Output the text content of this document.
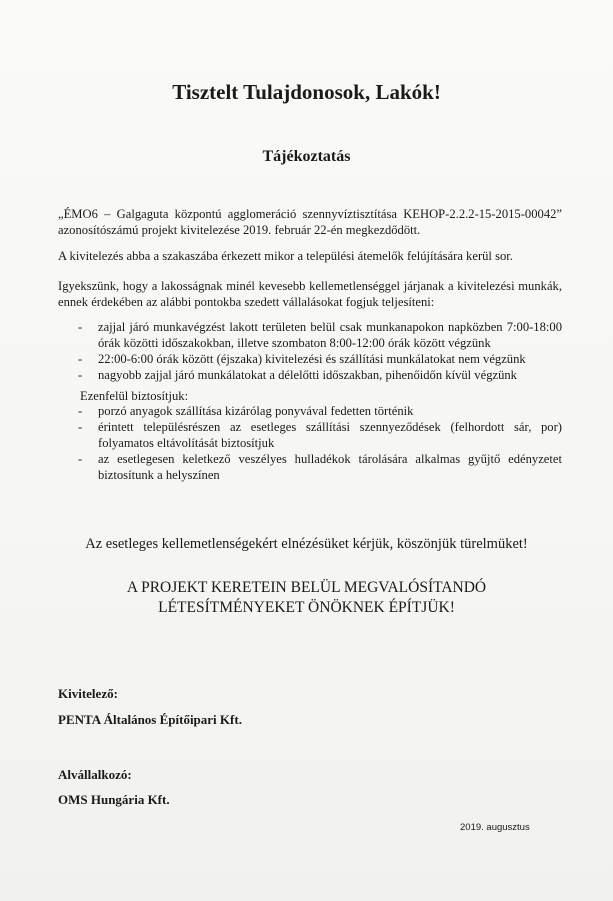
Tisztelt Tulajdonosok, Lakók!
Tájékoztatás
„ÉMO6 – Galgaguta központú agglomeráció szennyvíztisztítása KEHOP-2.2.2-15-2015-00042” azonosítószámú projekt kivitelezése 2019. február 22-én megkezdődött.
A kivitelezés abba a szakaszába érkezett mikor a települési átemelők felújítására kerül sor.
Igyekszünk, hogy a lakosságnak minél kevesebb kellemetlenséggel járjanak a kivitelezési munkák, ennek érdekében az alábbi pontokba szedett vállalásokat fogjuk teljesíteni:
- zajjal járó munkavégzést lakott területen belül csak munkanapokon napközben 7:00-18:00 órák közötti időszakokban, illetve szombaton 8:00-12:00 órák között végzünk
- 22:00-6:00 órák között (éjszaka) kivitelezési és szállítási munkálatokat nem végzünk
- nagyobb zajjal járó munkálatokat a délelőtti időszakban, pihenőidőn kívül végzünk
Ezenfelül biztosítjuk:
- porzó anyagok szállítása kizárólag ponyvával fedetten történik
- érintett településrészen az esetleges szállítási szennyeződések (felhordott sár, por) folyamatos eltávolítását biztosítjuk
- az esetlegesen keletkező veszélyes hulladékok tárolására alkalmas gyűjtő edényzetet biztosítunk a helyszínen
Az esetleges kellemetlenségekért elnézésüket kérjük, köszönjük türelmüket!
A PROJEKT KERETEIN BELÜL MEGVALÓSÍTANDÓ
LÉTESÍTMÉNYEKET ÖNÖKNEK ÉPÍTJÜK!
Kivitelező:
PENTA Általános Építőipari Kft.
Alvállalkozó:
OMS Hungária Kft.
2019. augusztus
